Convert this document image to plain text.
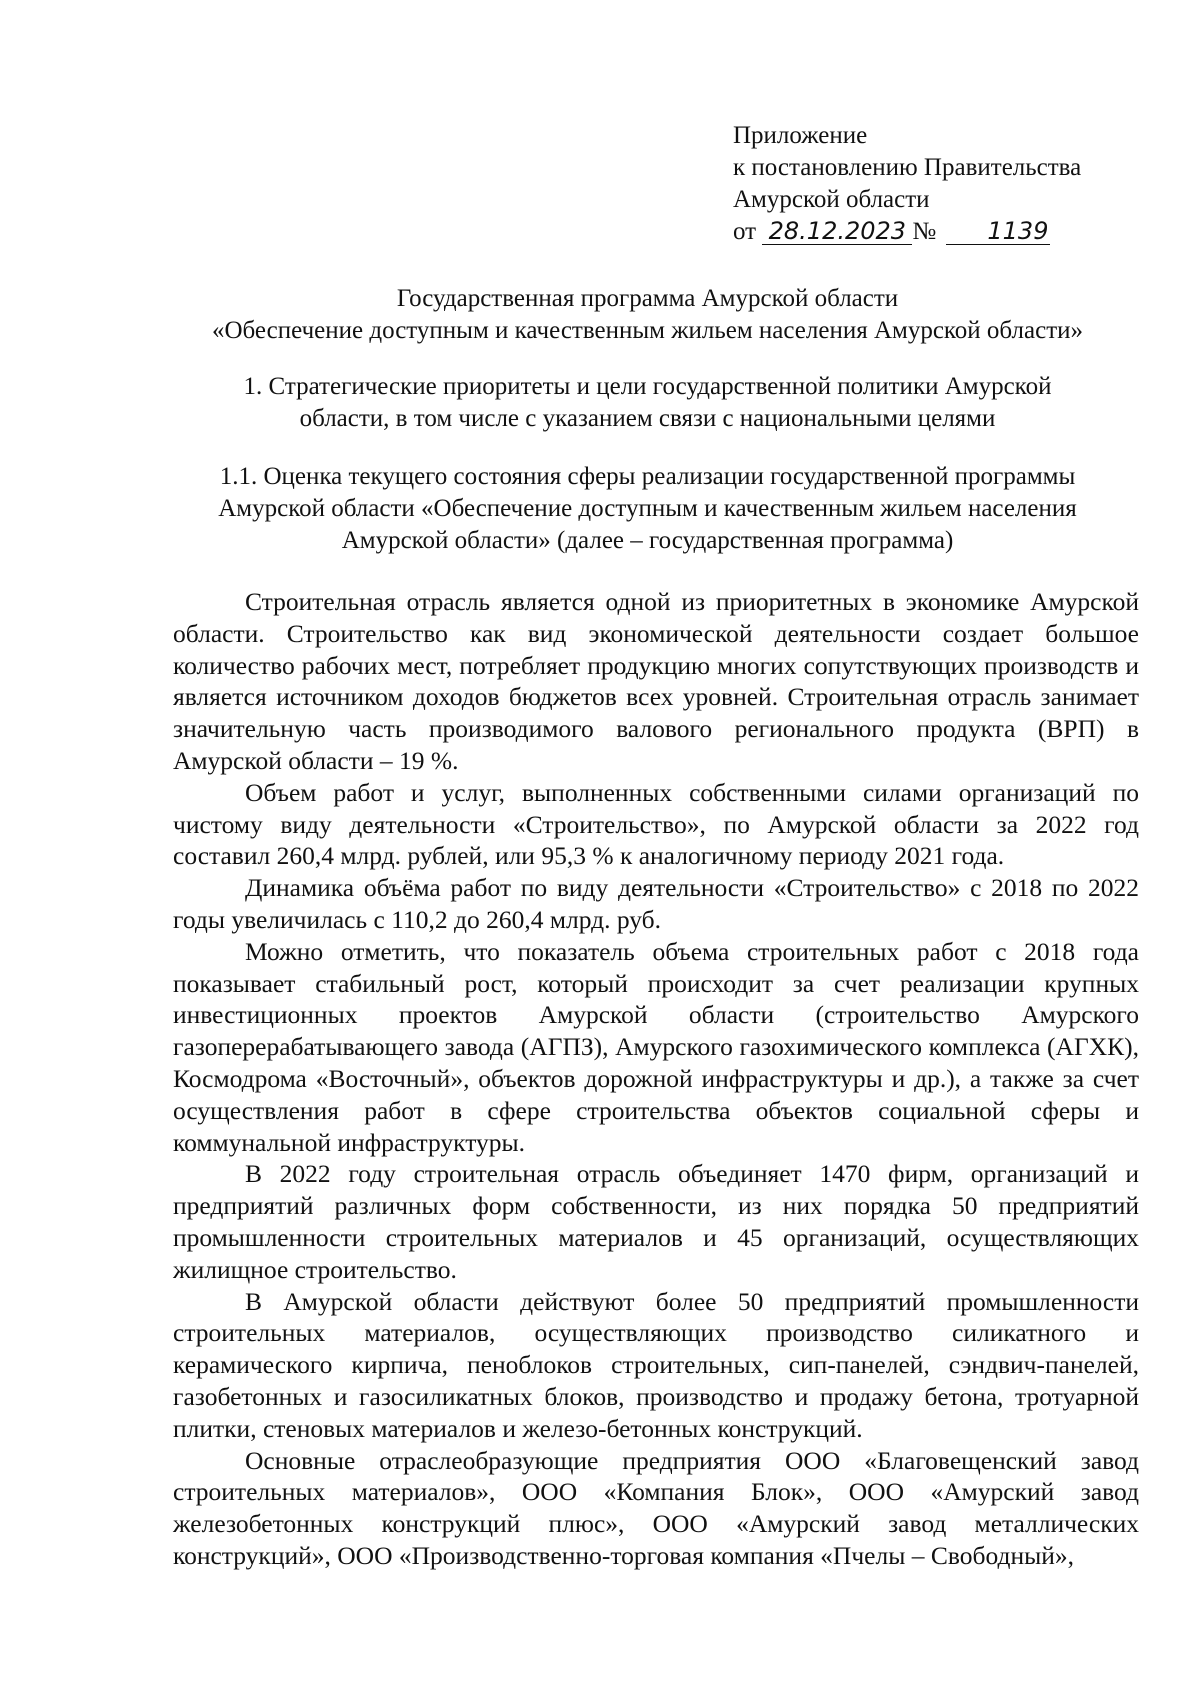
Приложение
к постановлению Правительства
Амурской области
от 28.12.2023 № 1139
Государственная программа Амурской области
«Обеспечение доступным и качественным жильем населения Амурской области»
1. Стратегические приоритеты и цели государственной политики Амурской
области, в том числе с указанием связи с национальными целями
1.1. Оценка текущего состояния сферы реализации государственной программы
Амурской области «Обеспечение доступным и качественным жильем населения
Амурской области» (далее – государственная программа)

Строительная отрасль является одной из приоритетных в экономике Амурской области. Строительство как вид экономической деятельности создает большое количество рабочих мест, потребляет продукцию многих сопутствующих производств и является источником доходов бюджетов всех уровней. Строительная отрасль занимает значительную часть производимого валового регионального продукта (ВРП) в Амурской области – 19 %.

Объем работ и услуг, выполненных собственными силами организаций по чистому виду деятельности «Строительство», по Амурской области за 2022 год составил 260,4 млрд. рублей, или 95,3 % к аналогичному периоду 2021 года.

Динамика объёма работ по виду деятельности «Строительство» с 2018 по 2022 годы увеличилась с 110,2 до 260,4 млрд. руб.

Можно отметить, что показатель объема строительных работ с 2018 года показывает стабильный рост, который происходит за счет реализации крупных инвестиционных проектов Амурской области (строительство Амурского газоперерабатывающего завода (АГПЗ), Амурского газохимического комплекса (АГХК), Космодрома «Восточный», объектов дорожной инфраструктуры и др.), а также за счет осуществления работ в сфере строительства объектов социальной сферы и коммунальной инфраструктуры.

В 2022 году строительная отрасль объединяет 1470 фирм, организаций и предприятий различных форм собственности, из них порядка 50 предприятий промышленности строительных материалов и 45 организаций, осуществляющих жилищное строительство.

В Амурской области действуют более 50 предприятий промышленности строительных материалов, осуществляющих производство силикатного и керамического кирпича, пеноблоков строительных, сип-панелей, сэндвич-панелей, газобетонных и газосиликатных блоков, производство и продажу бетона, тротуарной плитки, стеновых материалов и железо-бетонных конструкций.

Основные отраслеобразующие предприятия ООО «Благовещенский завод строительных материалов», ООО «Компания Блок», ООО «Амурский завод железобетонных конструкций плюс», ООО «Амурский завод металлических конструкций», ООО «Производственно-торговая компания «Пчелы – Свободный»,
